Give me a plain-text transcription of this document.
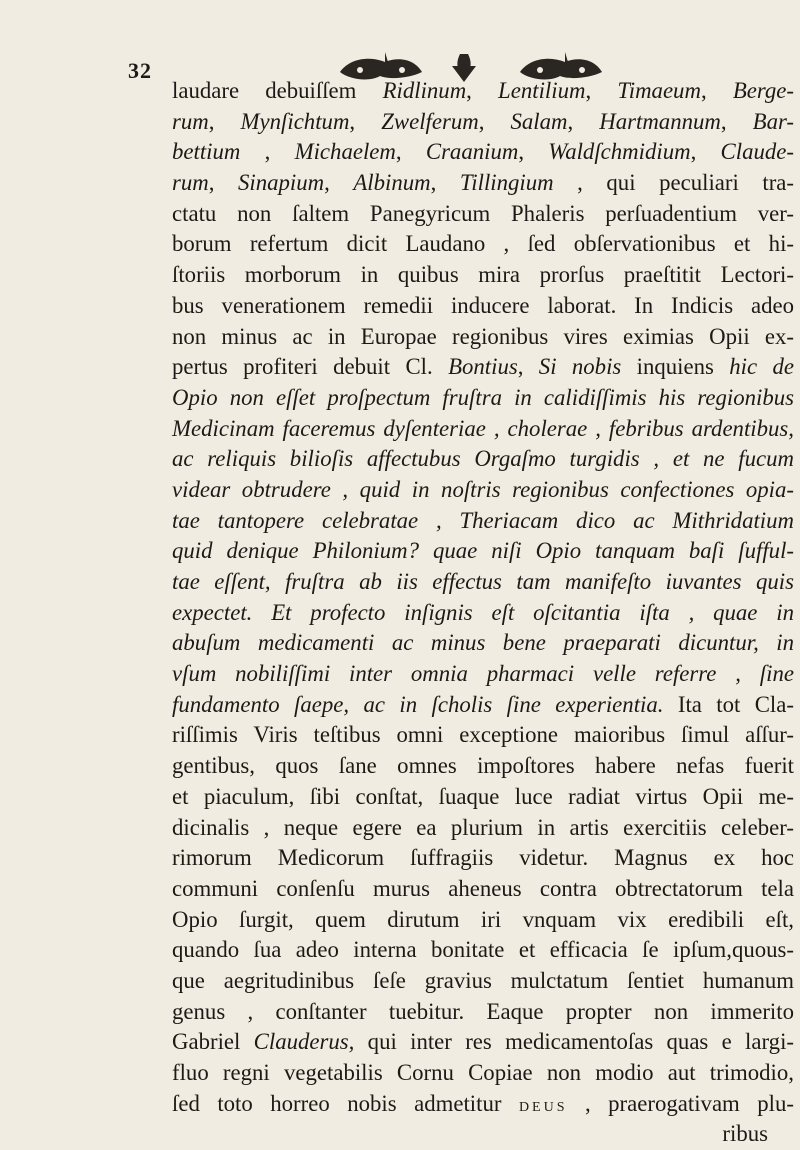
32
laudare debuiſſem Ridlinum, Lentilium, Timaeum, Berge-
rum, Mynſichtum, Zwelferum, Salam, Hartmannum, Bar-
bettium , Michaelem, Craanium, Waldſchmidium, Claude-
rum, Sinapium, Albinum, Tillingium , qui peculiari tra-
ctatu non ſaltem Panegyricum Phaleris perſuadentium ver-
borum refertum dicit Laudano , ſed obſervationibus et hi-
ſtoriis morborum in quibus mira prorſus praeſtitit Lectori-
bus venerationem remedii inducere laborat. In Indicis adeo
non minus ac in Europae regionibus vires eximias Opii ex-
pertus profiteri debuit Cl. Bontius, Si nobis inquiens hic de
Opio non eſſet proſpectum fruſtra in calidiſſimis his regionibus
Medicinam faceremus dyſenteriae , cholerae , febribus ardentibus,
ac reliquis bilioſis affectubus Orgaſmo turgidis , et ne fucum
videar obtrudere , quid in noſtris regionibus confectiones opia-
tae tantopere celebratae , Theriacam dico ac Mithridatium
quid denique Philonium? quae niſi Opio tanquam baſi ſufful-
tae eſſent, fruſtra ab iis effectus tam manifeſto iuvantes quis
expectet. Et profecto inſignis eſt oſcitantia iſta , quae in
abuſum medicamenti ac minus bene praeparati dicuntur, in
vſum nobiliſſimi inter omnia pharmaci velle referre , ſine
fundamento ſaepe, ac in ſcholis ſine experientia. Ita tot Cla-
riſſimis Viris teſtibus omni exceptione maioribus ſimul aſſur-
gentibus, quos ſane omnes impoſtores habere nefas fuerit
et piaculum, ſibi conſtat, ſuaque luce radiat virtus Opii me-
dicinalis , neque egere ea plurium in artis exercitiis celeber-
rimorum Medicorum ſuffragiis videtur. Magnus ex hoc
communi conſenſu murus aheneus contra obtrectatorum tela
Opio ſurgit, quem dirutum iri vnquam vix eredibili eſt,
quando ſua adeo interna bonitate et efficacia ſe ipſum,quous-
que aegritudinibus ſeſe gravius mulctatum ſentiet humanum
genus , conſtanter tuebitur. Eaque propter non immerito
Gabriel Clauderus, qui inter res medicamentoſas quas e largi-
fluo regni vegetabilis Cornu Copiae non modio aut trimodio,
ſed toto horreo nobis admetitur deus , praerogativam plu-
ribus
